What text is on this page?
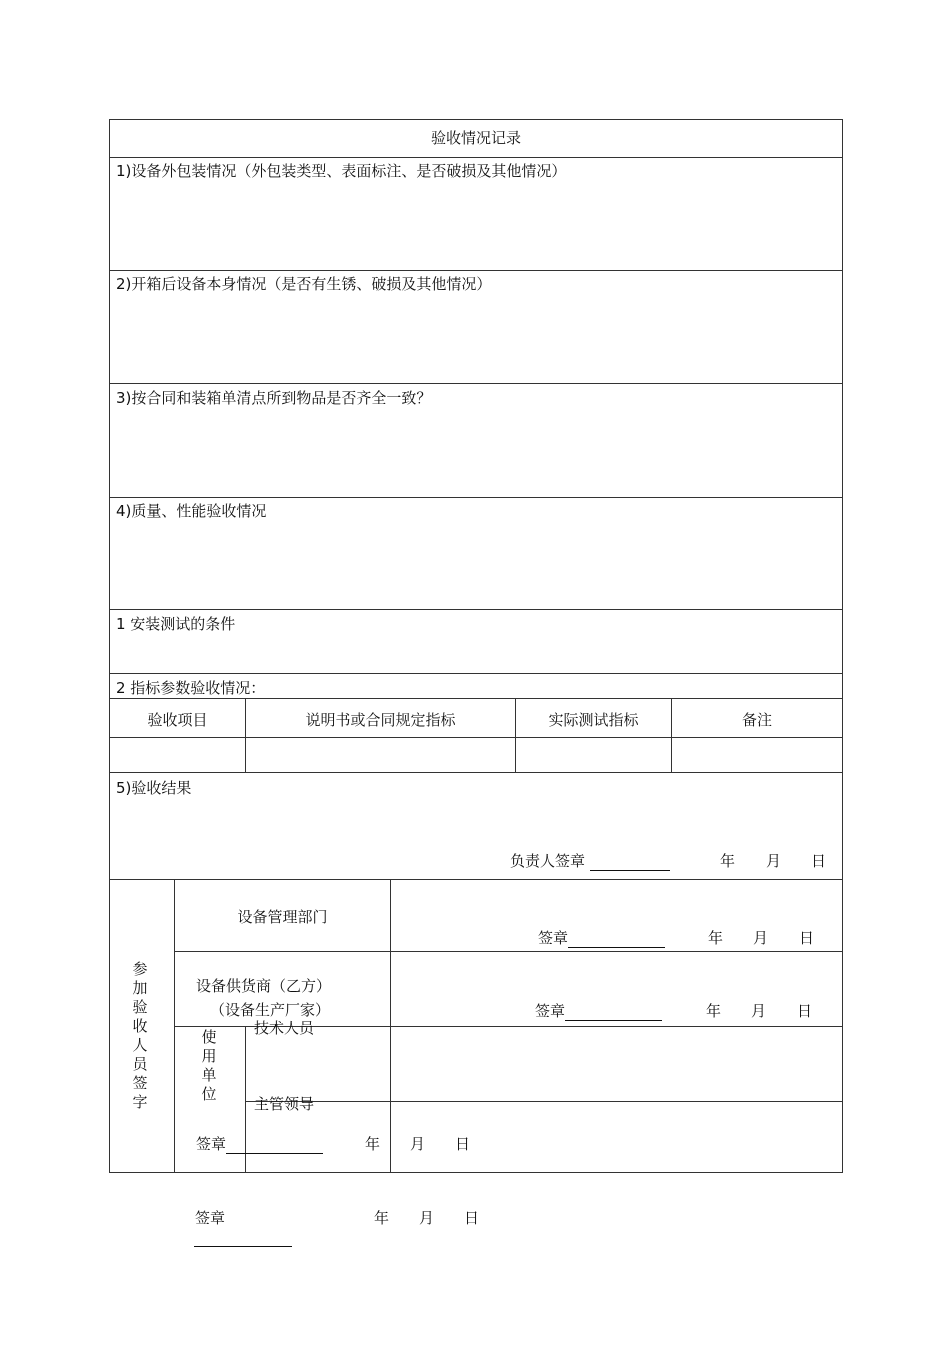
验收情况记录
1)设备外包装情况（外包装类型、表面标注、是否破损及其他情况）
2)开箱后设备本身情况（是否有生锈、破损及其他情况）
3)按合同和装箱单清点所到物品是否齐全一致？
4)质量、性能验收情况
1 安装测试的条件
2 指标参数验收情况：
验收项目	说明书或合同规定指标	实际测试指标	备注
5)验收结果
负责人签章	年 月 日
参
加
验
收
人
员
签
字
设备管理部门
签章	年 月 日
设备供货商（乙方）
（设备生产厂家）	签章	年 月 日
使
用
单
位
技术人员
主管领导
签章	年 月 日
签章	年 月 日
